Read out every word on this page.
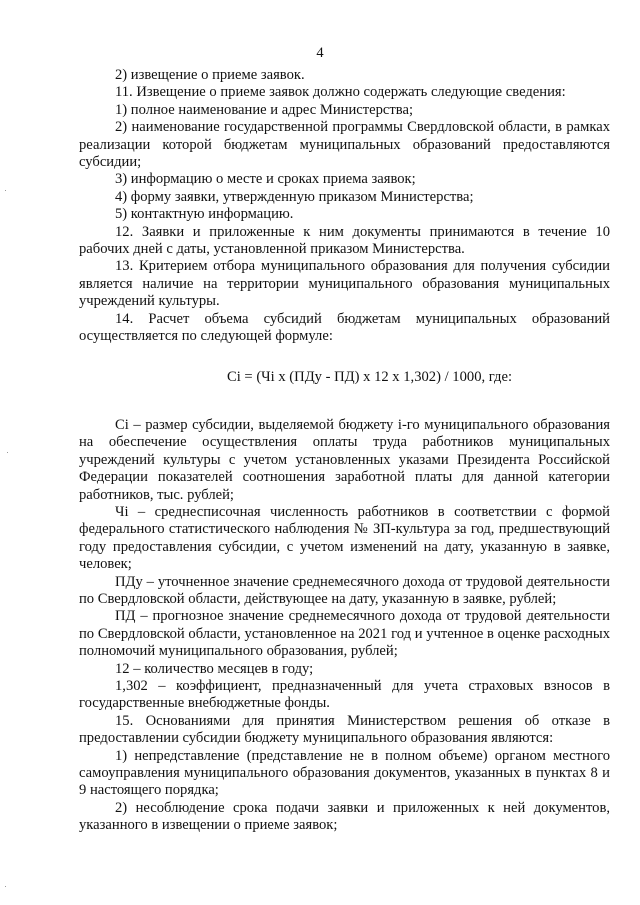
4

2) извещение о приеме заявок.

11. Извещение о приеме заявок должно содержать следующие сведения:

1) полное наименование и адрес Министерства;

2) наименование государственной программы Свердловской области, в рамках реализации которой бюджетам муниципальных образований предоставляются субсидии;

3) информацию о месте и сроках приема заявок;

4) форму заявки, утвержденную приказом Министерства;

5) контактную информацию.

12. Заявки и приложенные к ним документы принимаются в течение 10 рабочих дней с даты, установленной приказом Министерства.

13. Критерием отбора муниципального образования для получения субсидии является наличие на территории муниципального образования муниципальных учреждений культуры.

14. Расчет объема субсидий бюджетам муниципальных образований осуществляется по следующей формуле:

Сi = (Чi х (ПДу - ПД) х 12 х 1,302) / 1000, где:

Сi – размер субсидии, выделяемой бюджету i-го муниципального образования на обеспечение осуществления оплаты труда работников муниципальных учреждений культуры с учетом установленных указами Президента Российской Федерации показателей соотношения заработной платы для данной категории работников, тыс. рублей;

Чi – среднесписочная численность работников в соответствии с формой федерального статистического наблюдения № ЗП-культура за год, предшествующий году предоставления субсидии, с учетом изменений на дату, указанную в заявке, человек;

ПДу – уточненное значение среднемесячного дохода от трудовой деятельности по Свердловской области, действующее на дату, указанную в заявке, рублей;

ПД – прогнозное значение среднемесячного дохода от трудовой деятельности по Свердловской области, установленное на 2021 год и учтенное в оценке расходных полномочий муниципального образования, рублей;

12 – количество месяцев в году;

1,302 – коэффициент, предназначенный для учета страховых взносов в государственные внебюджетные фонды.

15. Основаниями для принятия Министерством решения об отказе в предоставлении субсидии бюджету муниципального образования являются:

1) непредставление (представление не в полном объеме) органом местного самоуправления муниципального образования документов, указанных в пунктах 8 и 9 настоящего порядка;

2) несоблюдение срока подачи заявки и приложенных к ней документов, указанного в извещении о приеме заявок;
